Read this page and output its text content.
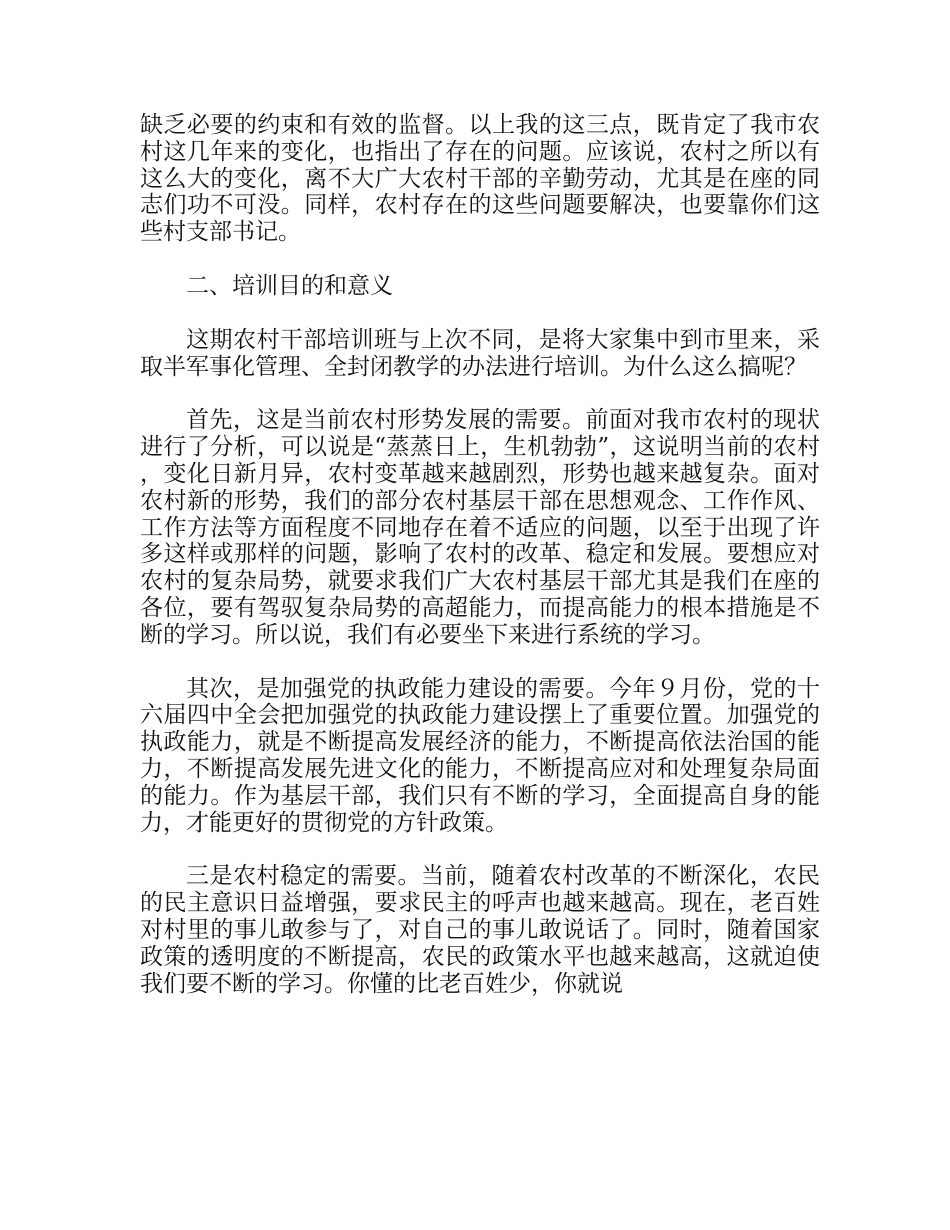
缺乏必要的约束和有效的监督。以上我的这三点，既肯定了我市农村这几年来的变化，也指出了存在的问题。应该说，农村之所以有这么大的变化，离不大广大农村干部的辛勤劳动，尤其是在座的同志们功不可没。同样，农村存在的这些问题要解决，也要靠你们这些村支部书记。

二、培训目的和意义

这期农村干部培训班与上次不同，是将大家集中到市里来，采取半军事化管理、全封闭教学的办法进行培训。为什么这么搞呢？

首先，这是当前农村形势发展的需要。前面对我市农村的现状进行了分析，可以说是“蒸蒸日上，生机勃勃”，这说明当前的农村，变化日新月异，农村变革越来越剧烈，形势也越来越复杂。面对农村新的形势，我们的部分农村基层干部在思想观念、工作作风、工作方法等方面程度不同地存在着不适应的问题，以至于出现了许多这样或那样的问题，影响了农村的改革、稳定和发展。要想应对农村的复杂局势，就要求我们广大农村基层干部尤其是我们在座的各位，要有驾驭复杂局势的高超能力，而提高能力的根本措施是不断的学习。所以说，我们有必要坐下来进行系统的学习。

其次，是加强党的执政能力建设的需要。今年９月份，党的十六届四中全会把加强党的执政能力建设摆上了重要位置。加强党的执政能力，就是不断提高发展经济的能力，不断提高依法治国的能力，不断提高发展先进文化的能力，不断提高应对和处理复杂局面的能力。作为基层干部，我们只有不断的学习，全面提高自身的能力，才能更好的贯彻党的方针政策。

三是农村稳定的需要。当前，随着农村改革的不断深化，农民的民主意识日益增强，要求民主的呼声也越来越高。现在，老百姓对村里的事儿敢参与了，对自己的事儿敢说话了。同时，随着国家政策的透明度的不断提高，农民的政策水平也越来越高，这就迫使我们要不断的学习。你懂的比老百姓少，你就说
